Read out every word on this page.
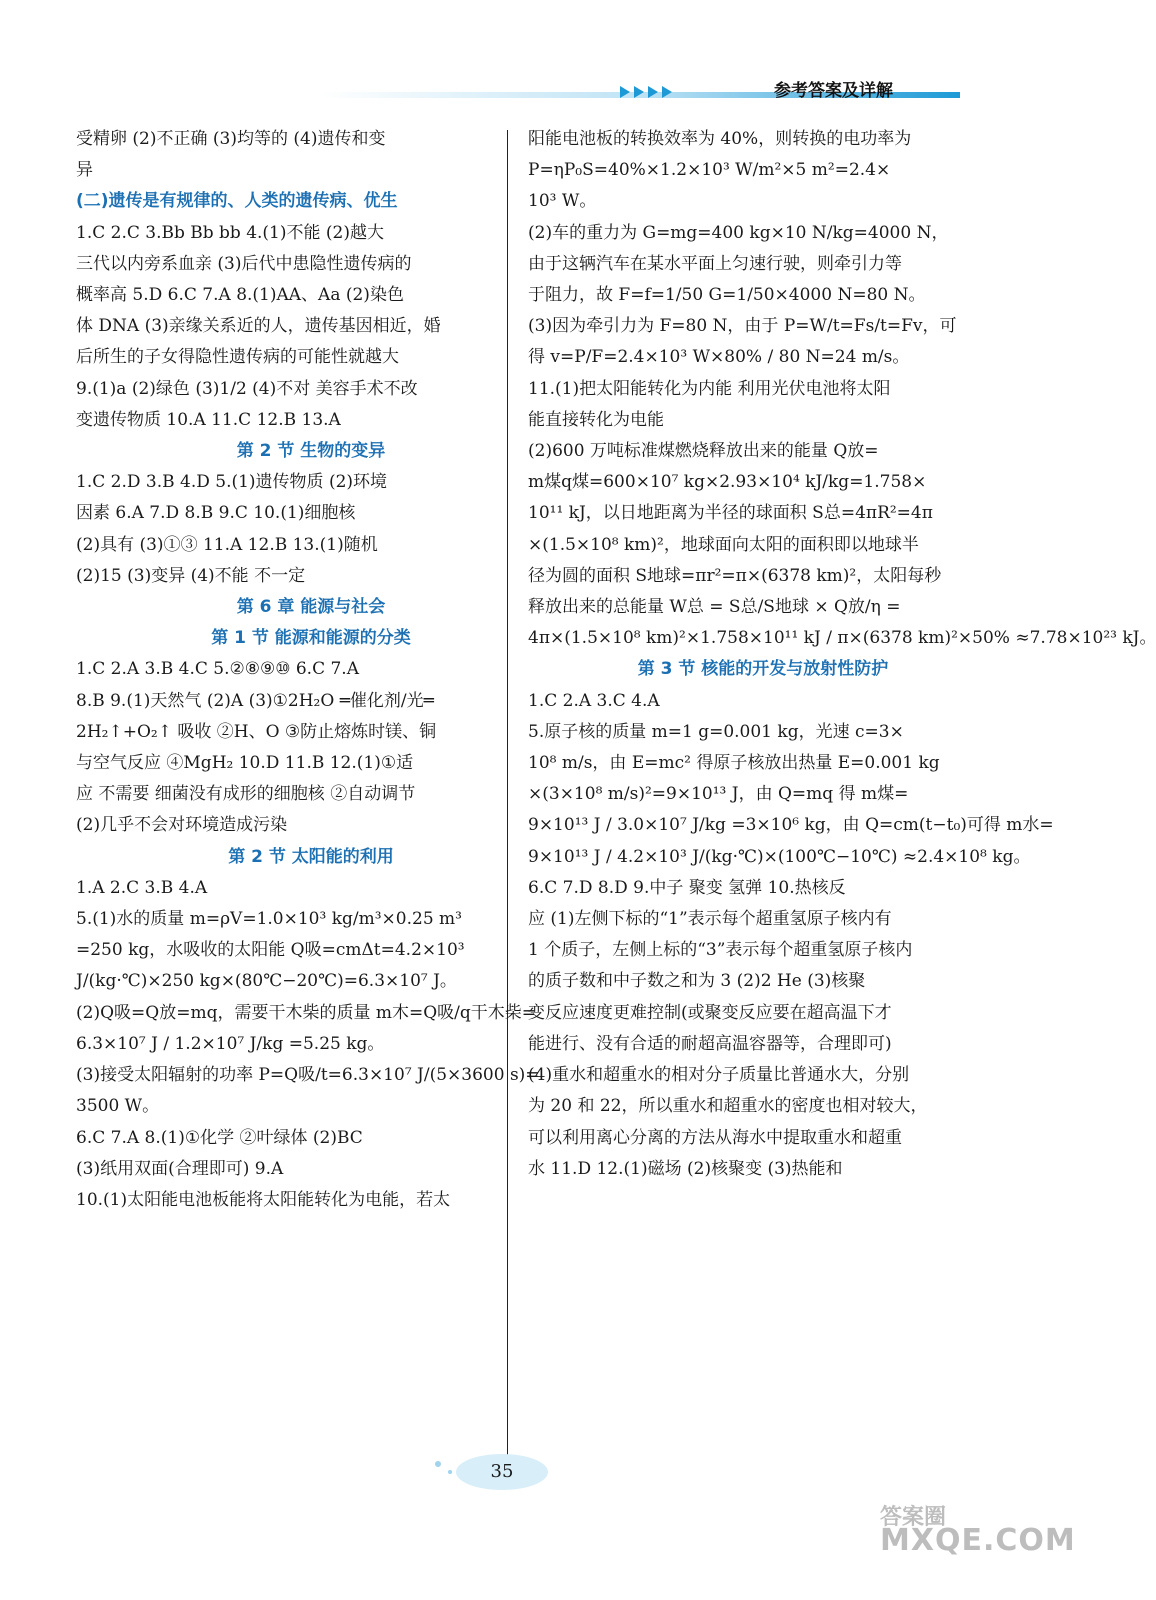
参考答案及详解
受精卵 (2)不正确 (3)均等的 (4)遗传和变
异
(二)遗传是有规律的、人类的遗传病、优生
1.C 2.C 3.Bb Bb bb 4.(1)不能 (2)越大
三代以内旁系血亲 (3)后代中患隐性遗传病的
概率高 5.D 6.C 7.A 8.(1)AA、Aa (2)染色
体 DNA (3)亲缘关系近的人，遗传基因相近，婚
后所生的子女得隐性遗传病的可能性就越大
9.(1)a (2)绿色 (3)1/2 (4)不对 美容手术不改
变遗传物质 10.A 11.C 12.B 13.A
第 2 节 生物的变异
1.C 2.D 3.B 4.D 5.(1)遗传物质 (2)环境
因素 6.A 7.D 8.B 9.C 10.(1)细胞核
(2)具有 (3)①③ 11.A 12.B 13.(1)随机
(2)15 (3)变异 (4)不能 不一定
第 6 章 能源与社会
第 1 节 能源和能源的分类
1.C 2.A 3.B 4.C 5.②⑧⑨⑩ 6.C 7.A
8.B 9.(1)天然气 (2)A (3)①2H₂O ═催化剂/光═
2H₂↑+O₂↑ 吸收 ②H、O ③防止熔炼时镁、铜
与空气反应 ④MgH₂ 10.D 11.B 12.(1)①适
应 不需要 细菌没有成形的细胞核 ②自动调节
(2)几乎不会对环境造成污染
第 2 节 太阳能的利用
1.A 2.C 3.B 4.A
5.(1)水的质量 m=ρV=1.0×10³ kg/m³×0.25 m³
=250 kg，水吸收的太阳能 Q吸=cmΔt=4.2×10³
J/(kg·℃)×250 kg×(80℃−20℃)=6.3×10⁷ J。
(2)Q吸=Q放=mq，需要干木柴的质量 m木=Q吸/q干木柴=
6.3×10⁷ J / 1.2×10⁷ J/kg =5.25 kg。
(3)接受太阳辐射的功率 P=Q吸/t=6.3×10⁷ J/(5×3600 s)=
3500 W。
6.C 7.A 8.(1)①化学 ②叶绿体 (2)BC
(3)纸用双面(合理即可) 9.A
10.(1)太阳能电池板能将太阳能转化为电能，若太
阳能电池板的转换效率为 40%，则转换的电功率为
P=ηP₀S=40%×1.2×10³ W/m²×5 m²=2.4×
10³ W。
(2)车的重力为 G=mg=400 kg×10 N/kg=4000 N，
由于这辆汽车在某水平面上匀速行驶，则牵引力等
于阻力，故 F=f=1/50 G=1/50×4000 N=80 N。
(3)因为牵引力为 F=80 N，由于 P=W/t=Fs/t=Fv，可
得 v=P/F=2.4×10³ W×80% / 80 N=24 m/s。
11.(1)把太阳能转化为内能 利用光伏电池将太阳
能直接转化为电能
(2)600 万吨标准煤燃烧释放出来的能量 Q放=
m煤q煤=600×10⁷ kg×2.93×10⁴ kJ/kg=1.758×
10¹¹ kJ，以日地距离为半径的球面积 S总=4πR²=4π
×(1.5×10⁸ km)²，地球面向太阳的面积即以地球半
径为圆的面积 S地球=πr²=π×(6378 km)²，太阳每秒
释放出来的总能量 W总 = S总/S地球 × Q放/η =
4π×(1.5×10⁸ km)²×1.758×10¹¹ kJ / π×(6378 km)²×50% ≈7.78×10²³ kJ。
第 3 节 核能的开发与放射性防护
1.C 2.A 3.C 4.A
5.原子核的质量 m=1 g=0.001 kg，光速 c=3×
10⁸ m/s，由 E=mc² 得原子核放出热量 E=0.001 kg
×(3×10⁸ m/s)²=9×10¹³ J，由 Q=mq 得 m煤=
9×10¹³ J / 3.0×10⁷ J/kg =3×10⁶ kg，由 Q=cm(t−t₀)可得 m水=
9×10¹³ J / 4.2×10³ J/(kg·℃)×(100℃−10℃) ≈2.4×10⁸ kg。
6.C 7.D 8.D 9.中子 聚变 氢弹 10.热核反
应 (1)左侧下标的“1”表示每个超重氢原子核内有
1 个质子，左侧上标的“3”表示每个超重氢原子核内
的质子数和中子数之和为 3 (2)2 He (3)核聚
变反应速度更难控制(或聚变反应要在超高温下才
能进行、没有合适的耐超高温容器等，合理即可)
(4)重水和超重水的相对分子质量比普通水大，分别
为 20 和 22，所以重水和超重水的密度也相对较大，
可以利用离心分离的方法从海水中提取重水和超重
水 11.D 12.(1)磁场 (2)核聚变 (3)热能和
35
答案圈
MXQE.COM
